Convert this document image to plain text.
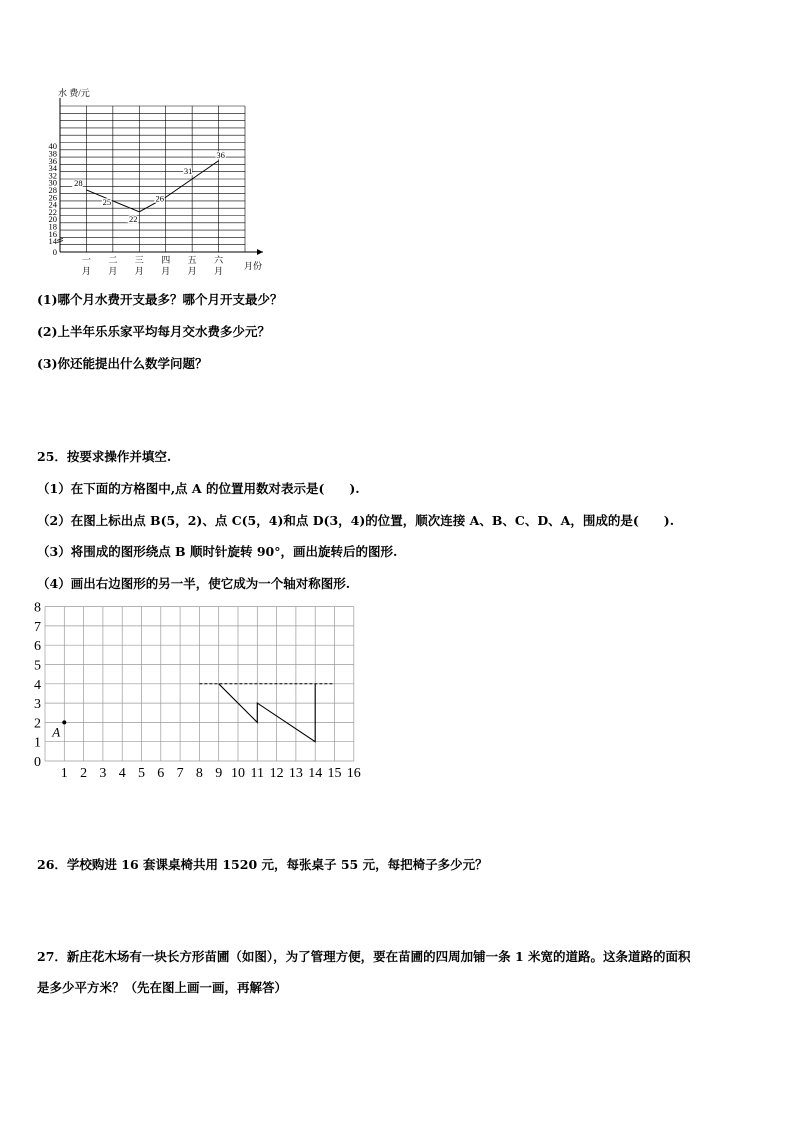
0
14
16
18
20
22
24
26
28
30
32
34
36
38
40
一
月
二
月
三
月
四
月
五
月
六
月
28
25
22
26
31
36
水 费/元
月份
(1)哪个月水费开支最多？哪个月开支最少？
(2)上半年乐乐家平均每月交水费多少元？
(3)你还能提出什么数学问题？
25．按要求操作并填空.
（1）在下面的方格图中,点 A 的位置用数对表示是(　　).
（2）在图上标出点 B(5，2)、点 C(5，4)和点 D(3，4)的位置，顺次连接 A、B、C、D、A，围成的是(　　).
（3）将围成的图形绕点 B 顺时针旋转 90°，画出旋转后的图形.
（4）画出右边图形的另一半，使它成为一个轴对称图形.
0
1
2
3
4
5
6
7
8
1 2 3 4 5 6 7 8 9 10 11 12 13 14 15 16
A
26．学校购进 16 套课桌椅共用 1520 元，每张桌子 55 元，每把椅子多少元？
27．新庄花木场有一块长方形苗圃（如图），为了管理方便，要在苗圃的四周加铺一条 1 米宽的道路。这条道路的面积
是多少平方米？（先在图上画一画，再解答）
